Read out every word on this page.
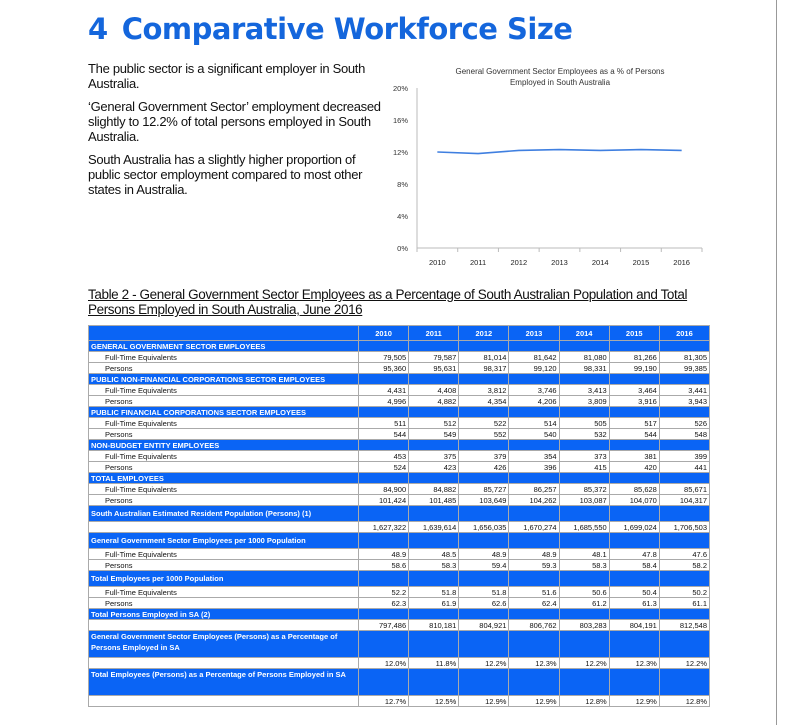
4 Comparative Workforce Size

The public sector is a significant employer in South Australia.

‘General Government Sector’ employment decreased slightly to 12.2% of total persons employed in South Australia.

South Australia has a slightly higher proportion of public sector employment compared to most other states in Australia.

General Government Sector Employees as a % of Persons Employed in South Australia
0%
4%
8%
12%
16%
20%
2010	2011	2012	2013	2014	2015	2016
Table 2 - General Government Sector Employees as a Percentage of South Australian Population and Total Persons Employed in South Australia, June 2016
	2010	2011	2012	2013	2014	2015	2016
GENERAL GOVERNMENT SECTOR EMPLOYEES							
Full-Time Equivalents	79,505	79,587	81,014	81,642	81,080	81,266	81,305
Persons	95,360	95,631	98,317	99,120	98,331	99,190	99,385
PUBLIC NON-FINANCIAL CORPORATIONS SECTOR EMPLOYEES							
Full-Time Equivalents	4,431	4,408	3,812	3,746	3,413	3,464	3,441
Persons	4,996	4,882	4,354	4,206	3,809	3,916	3,943
PUBLIC FINANCIAL CORPORATIONS SECTOR EMPLOYEES							
Full-Time Equivalents	511	512	522	514	505	517	526
Persons	544	549	552	540	532	544	548
NON-BUDGET ENTITY EMPLOYEES							
Full-Time Equivalents	453	375	379	354	373	381	399
Persons	524	423	426	396	415	420	441
TOTAL EMPLOYEES							
Full-Time Equivalents	84,900	84,882	85,727	86,257	85,372	85,628	85,671
Persons	101,424	101,485	103,649	104,262	103,087	104,070	104,317
South Australian Estimated Resident Population (Persons) (1)							
	1,627,322	1,639,614	1,656,035	1,670,274	1,685,550	1,699,024	1,706,503
General Government Sector Employees per 1000 Population							
Full-Time Equivalents	48.9	48.5	48.9	48.9	48.1	47.8	47.6
Persons	58.6	58.3	59.4	59.3	58.3	58.4	58.2
Total Employees per 1000 Population							
Full-Time Equivalents	52.2	51.8	51.8	51.6	50.6	50.4	50.2
Persons	62.3	61.9	62.6	62.4	61.2	61.3	61.1
Total Persons Employed in SA (2)							
	797,486	810,181	804,921	806,762	803,283	804,191	812,548
General Government Sector Employees (Persons) as a Percentage of Persons Employed in SA							
	12.0%	11.8%	12.2%	12.3%	12.2%	12.3%	12.2%
Total Employees (Persons) as a Percentage of Persons Employed in SA							
	12.7%	12.5%	12.9%	12.9%	12.8%	12.9%	12.8%
